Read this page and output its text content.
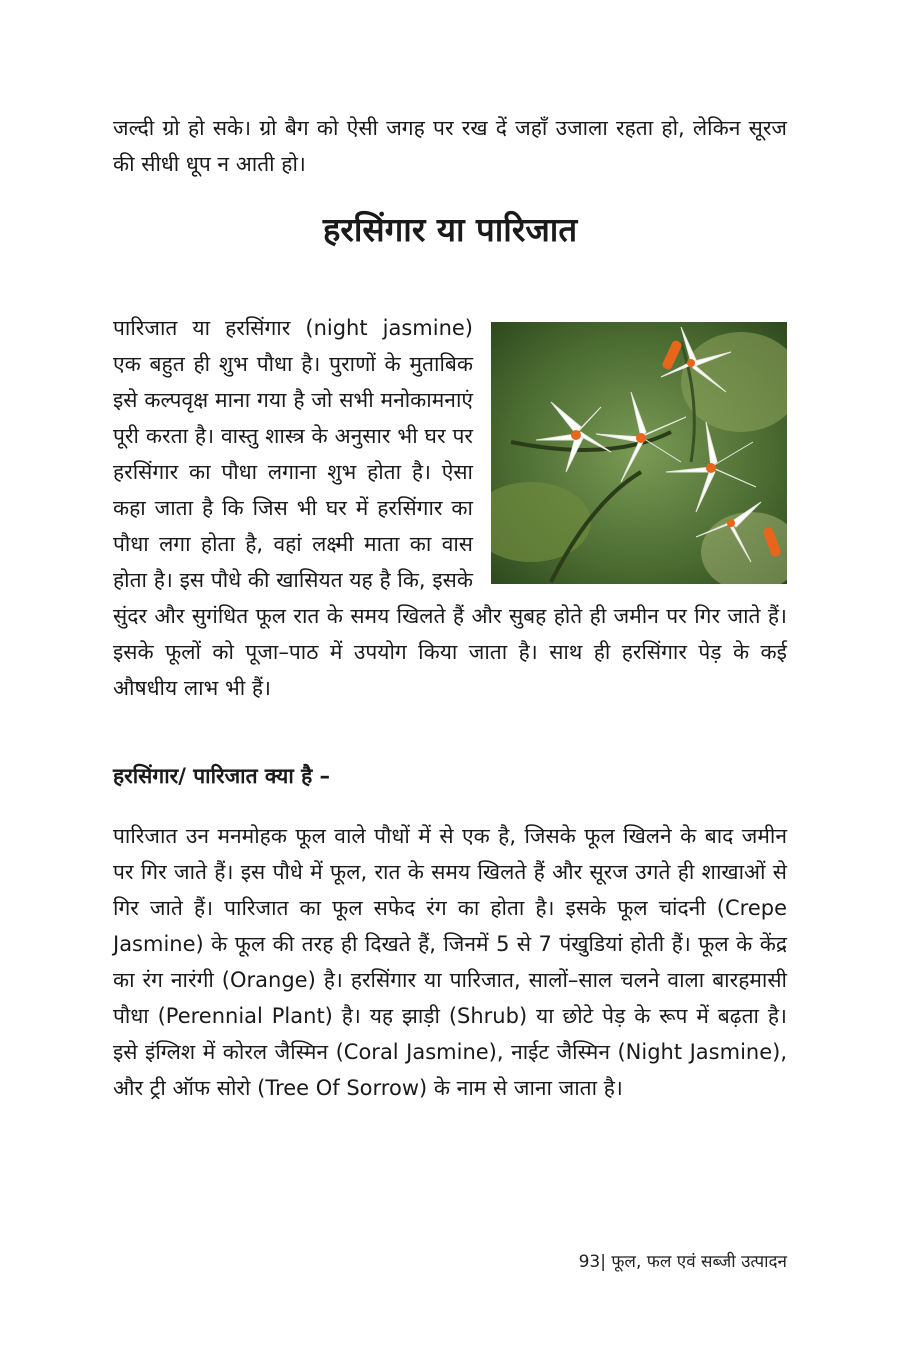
जल्दी ग्रो हो सके। ग्रो बैग को ऐसी जगह पर रख दें जहाँ उजाला रहता हो, लेकिन सूरज की सीधी धूप न आती हो।

हरसिंगार या पारिजात

पारिजात या हरसिंगार (night jasmine) एक बहुत ही शुभ पौधा है। पुराणों के मुताबिक इसे कल्पवृक्ष माना गया है जो सभी मनोकामनाएं पूरी करता है। वास्तु शास्त्र के अनुसार भी घर पर हरसिंगार का पौधा लगाना शुभ होता है। ऐसा कहा जाता है कि जिस भी घर में हरसिंगार का पौधा लगा होता है, वहां लक्ष्मी माता का वास होता है। इस पौधे की खासियत यह है कि, इसके सुंदर और सुगंधित फूल रात के समय खिलते हैं और सुबह होते ही जमीन पर गिर जाते हैं। इसके फूलों को पूजा–पाठ में उपयोग किया जाता है। साथ ही हरसिंगार पेड़ के कई औषधीय लाभ भी हैं।

हरसिंगार/ पारिजात क्या है –

पारिजात उन मनमोहक फूल वाले पौधों में से एक है, जिसके फूल खिलने के बाद जमीन पर गिर जाते हैं। इस पौधे में फूल, रात के समय खिलते हैं और सूरज उगते ही शाखाओं से गिर जाते हैं। पारिजात का फूल सफेद रंग का होता है। इसके फूल चांदनी (Crepe Jasmine) के फूल की तरह ही दिखते हैं, जिनमें 5 से 7 पंखुडियां होती हैं। फूल के केंद्र का रंग नारंगी (Orange) है। हरसिंगार या पारिजात, सालों–साल चलने वाला बारहमासी पौधा (Perennial Plant) है। यह झाड़ी (Shrub) या छोटे पेड़ के रूप में बढ़ता है। इसे इंग्लिश में कोरल जैस्मिन (Coral Jasmine), नाईट जैस्मिन (Night Jasmine), और ट्री ऑफ सोरो (Tree Of Sorrow) के नाम से जाना जाता है।

93| फूल, फल एवं सब्जी उत्पादन
